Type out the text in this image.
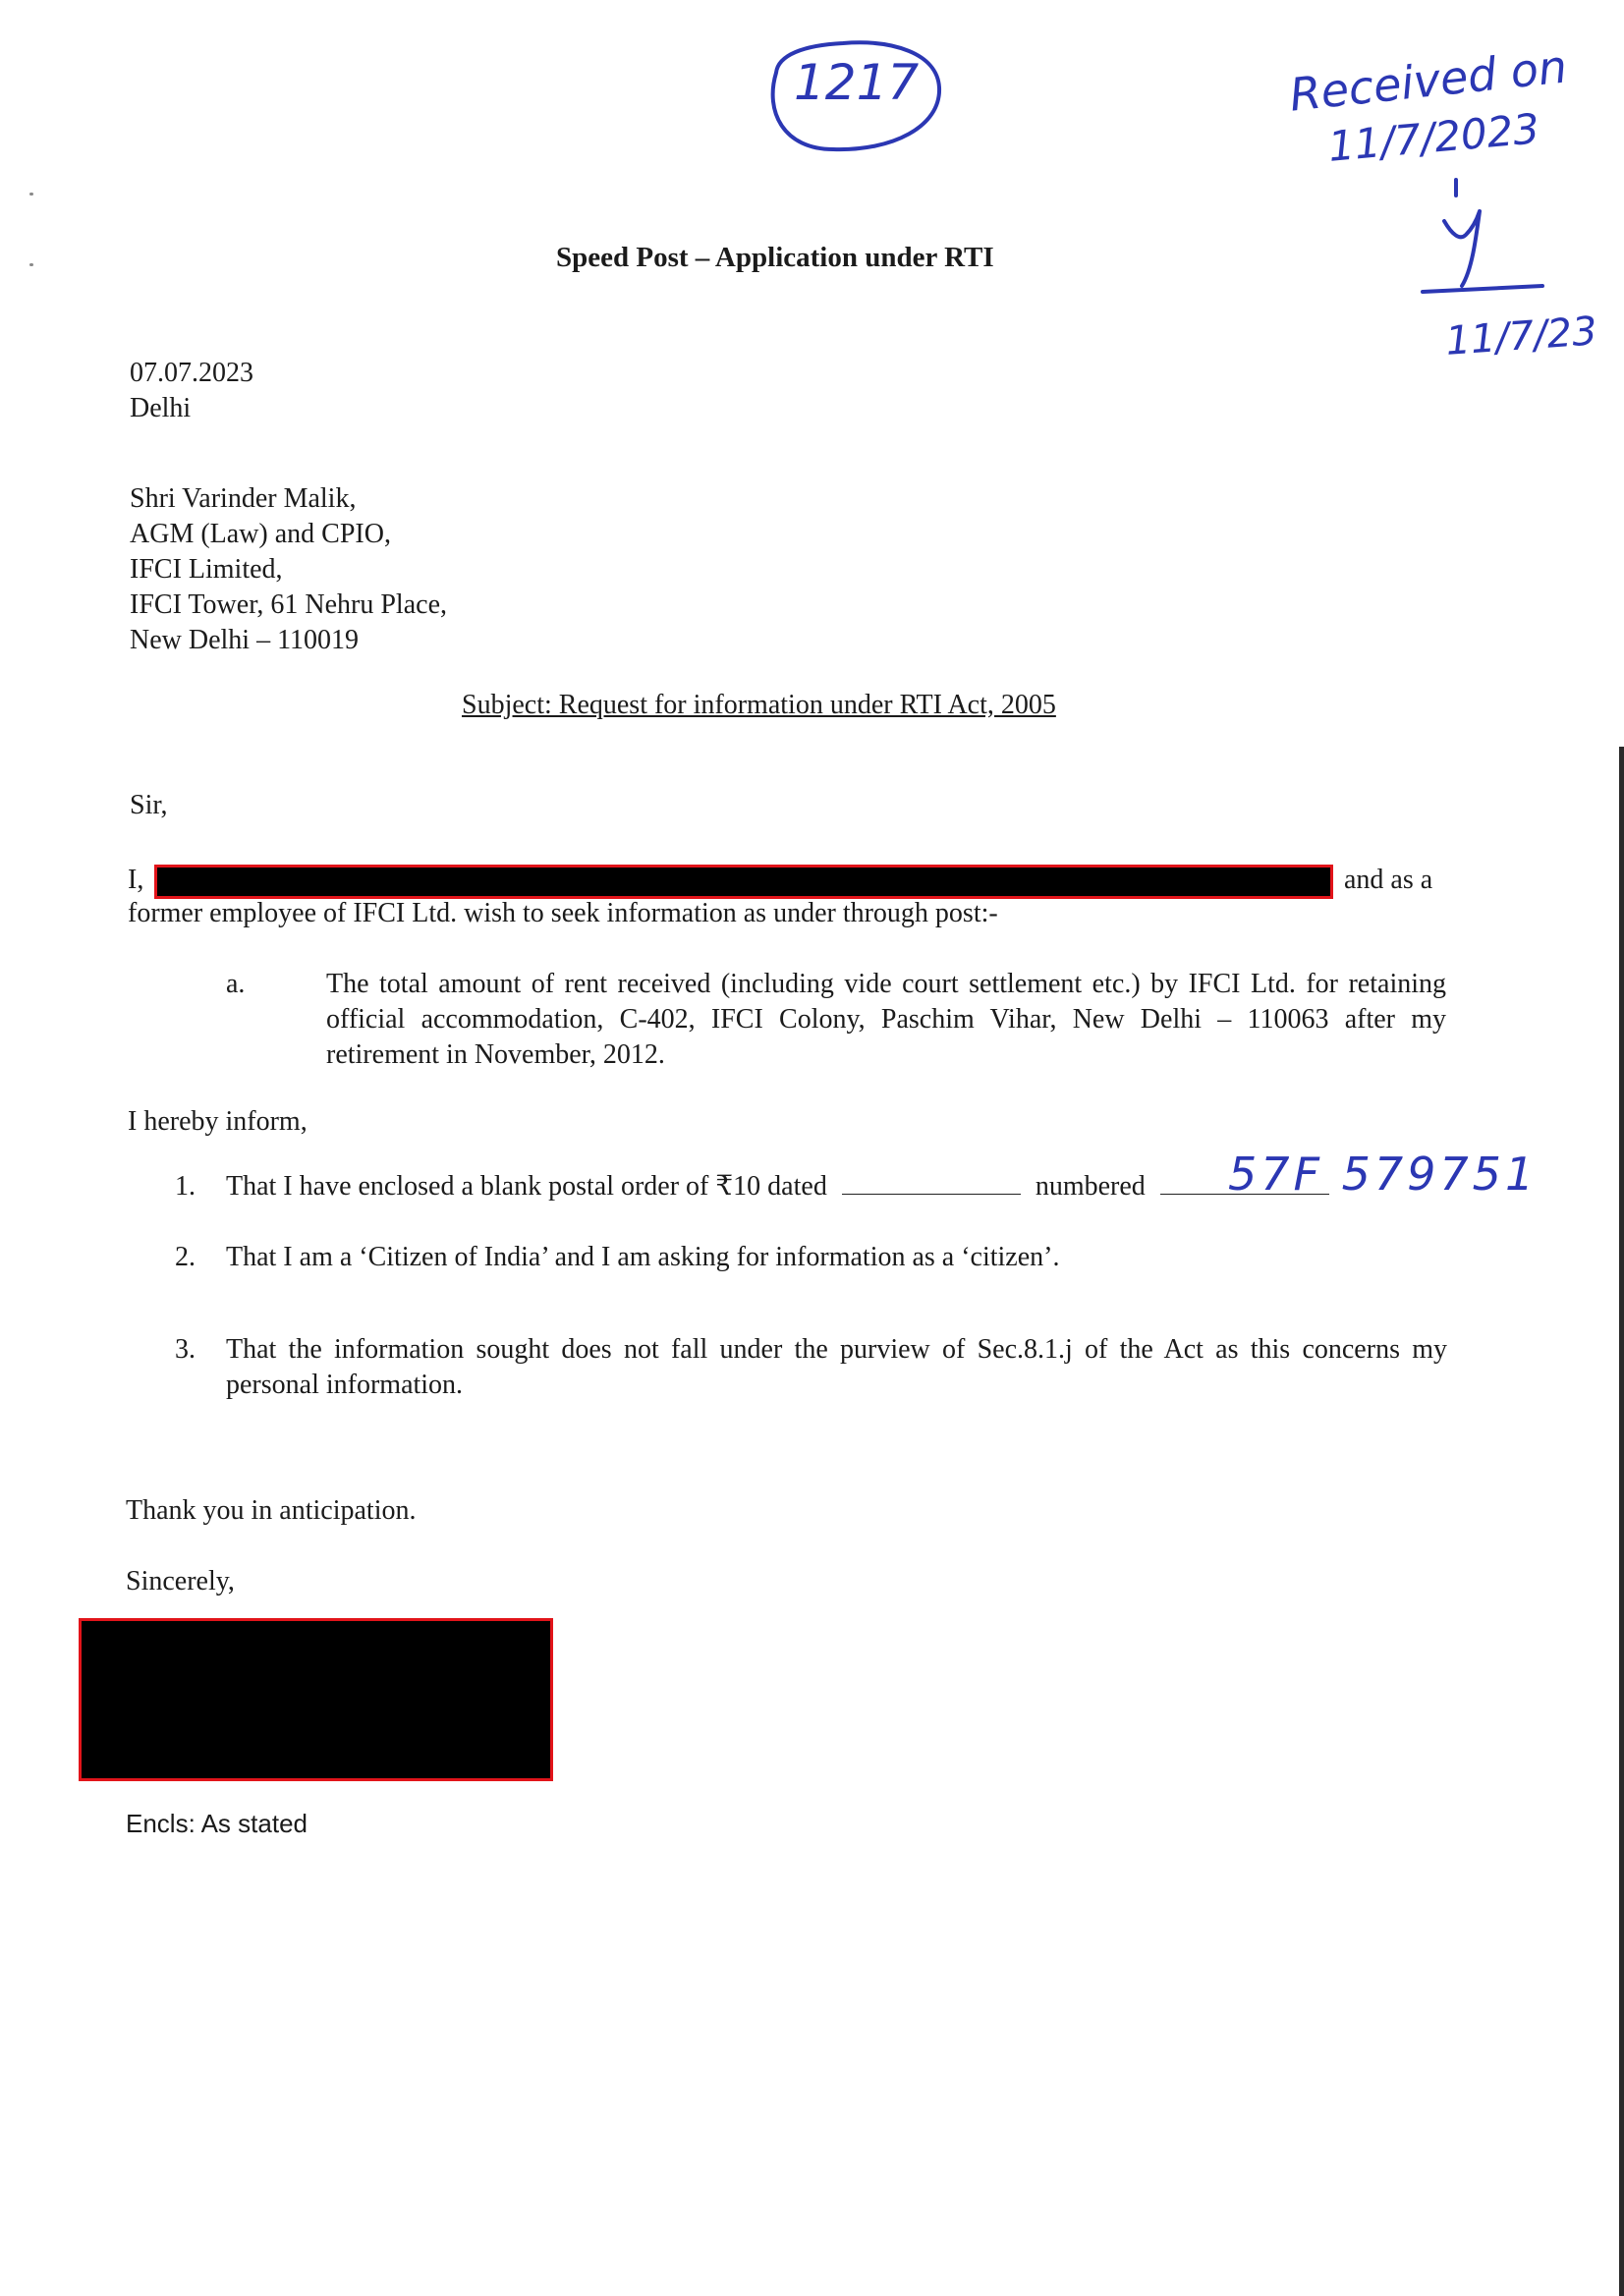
1217	Received on
11/7/2023
11/7/23
Speed Post – Application under RTI
07.07.2023
Delhi
Shri Varinder Malik,
AGM (Law) and CPIO,
IFCI Limited,
IFCI Tower, 61 Nehru Place,
New Delhi – 110019
Subject: Request for information under RTI Act, 2005
Sir,
I,	and as a
former employee of IFCI Ltd. wish to seek information as under through post:-
a.	The total amount of rent received (including vide court settlement etc.) by IFCI Ltd. for retaining official accommodation, C-402, IFCI Colony, Paschim Vihar, New Delhi – 110063 after my retirement in November, 2012.
I hereby inform,
1. That I have enclosed a blank postal order of ₹10 dated	numbered	57F 579751
2. That I am a ‘Citizen of India’ and I am asking for information as a ‘citizen’.
3. That the information sought does not fall under the purview of Sec.8.1.j of the Act as this concerns my personal information.
Thank you in anticipation.
Sincerely,
Encls: As stated
